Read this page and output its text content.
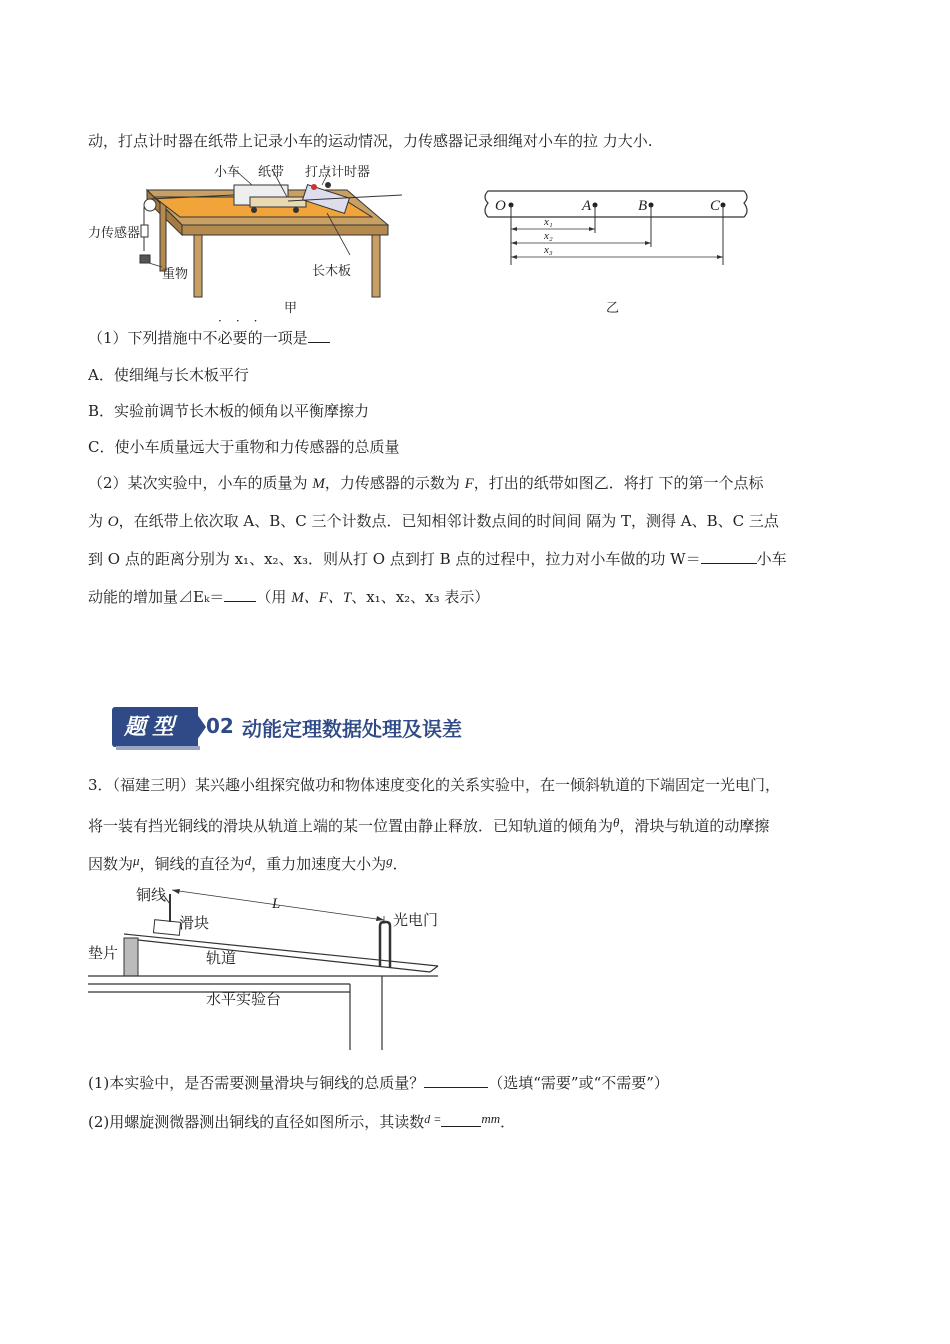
动，打点计时器在纸带上记录小车的运动情况，力传感器记录细绳对小车的拉 力大小.
小车 纸带 打点计时器
力传感器
重物	长木板
甲
O	A	B	C
x₁
x₂
x₃
乙
···
（1）下列措施中不必要的一项是
A．使细绳与长木板平行
B．实验前调节长木板的倾角以平衡摩擦力
C．使小车质量远大于重物和力传感器的总质量
（2）某次实验中，小车的质量为 M，力传感器的示数为 F，打出的纸带如图乙．将打 下的第一个点标
为 O，在纸带上依次取 A、B、C 三个计数点．已知相邻计数点间的时间间 隔为 T，测得 A、B、C 三点
到 O 点的距离分别为 x₁、x₂、x₃．则从打 O 点到打 B 点的过程中，拉力对小车做的功 W＝	小车
动能的增加量⊿Eₖ＝ （用 M、F、T、x₁、x₂、x₃ 表示）
题型	02 动能定理数据处理及误差
3．（福建三明）某兴趣小组探究做功和物体速度变化的关系实验中，在一倾斜轨道的下端固定一光电门，
将一装有挡光铜线的滑块从轨道上端的某一位置由静止释放．已知轨道的倾角为θ，滑块与轨道的动摩擦
因数为μ，铜线的直径为d，重力加速度大小为g．
铜线
滑块
L
光电门
垫片	轨道
水平实验台
(1)本实验中，是否需要测量滑块与铜线的总质量？	（选填“需要”或“不需要”）
(2)用螺旋测微器测出铜线的直径如图所示，其读数$^{d =}$	mm．
